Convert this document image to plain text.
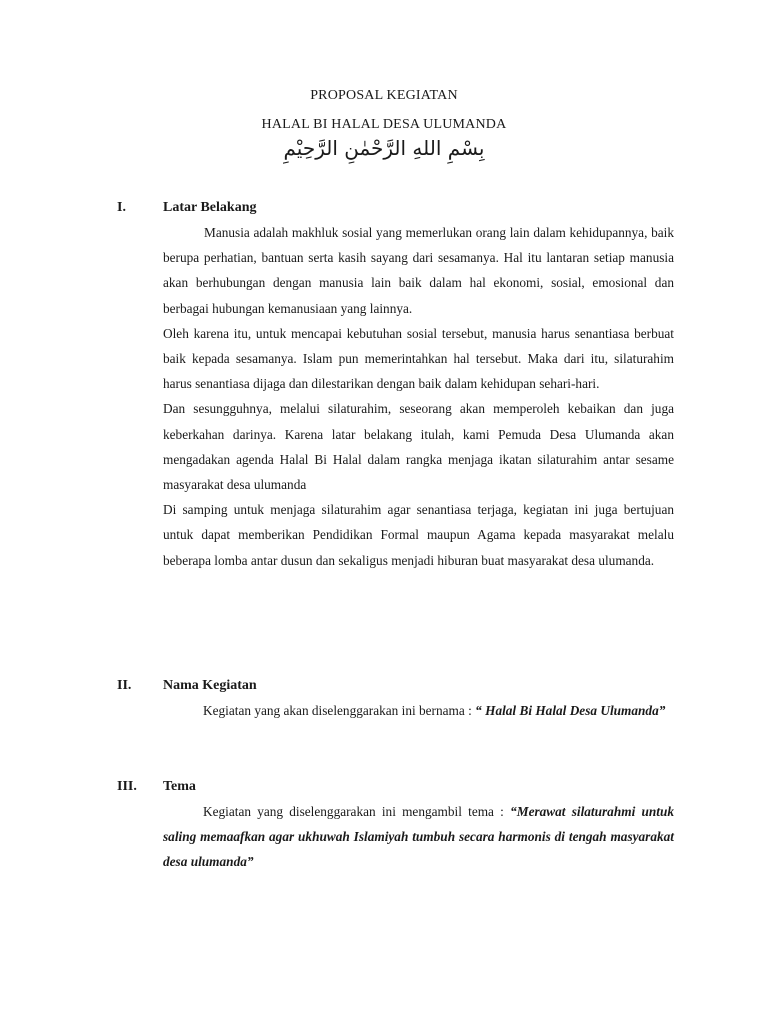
PROPOSAL KEGIATAN
HALAL BI HALAL DESA ULUMANDA
بِسْمِ اللهِ الرَّحْمٰنِ الرَّحِيْمِ
I.	Latar Belakang

Manusia adalah makhluk sosial yang memerlukan orang lain dalam kehidupannya, baik berupa perhatian, bantuan serta kasih sayang dari sesamanya. Hal itu lantaran setiap manusia akan berhubungan dengan manusia lain baik dalam hal ekonomi, sosial, emosional dan berbagai hubungan kemanusiaan yang lainnya.

Oleh karena itu, untuk mencapai kebutuhan sosial tersebut, manusia harus senantiasa berbuat baik kepada sesamanya. Islam pun memerintahkan hal tersebut. Maka dari itu, silaturahim harus senantiasa dijaga dan dilestarikan dengan baik dalam kehidupan sehari-hari.

Dan sesungguhnya, melalui silaturahim, seseorang akan memperoleh kebaikan dan juga keberkahan darinya. Karena latar belakang itulah, kami Pemuda Desa Ulumanda akan mengadakan agenda Halal Bi Halal dalam rangka menjaga ikatan silaturahim antar sesame masyarakat desa ulumanda

Di samping untuk menjaga silaturahim agar senantiasa terjaga, kegiatan ini juga bertujuan untuk dapat memberikan Pendidikan Formal maupun Agama kepada masyarakat melalu beberapa lomba antar dusun dan sekaligus menjadi hiburan buat masyarakat desa ulumanda.

II. Nama Kegiatan

Kegiatan yang akan diselenggarakan ini bernama : “ Halal Bi Halal Desa Ulumanda”

III. Tema

Kegiatan yang diselenggarakan ini mengambil tema : “Merawat silaturahmi untuk saling memaafkan agar ukhuwah Islamiyah tumbuh secara harmonis di tengah masyarakat desa ulumanda”
